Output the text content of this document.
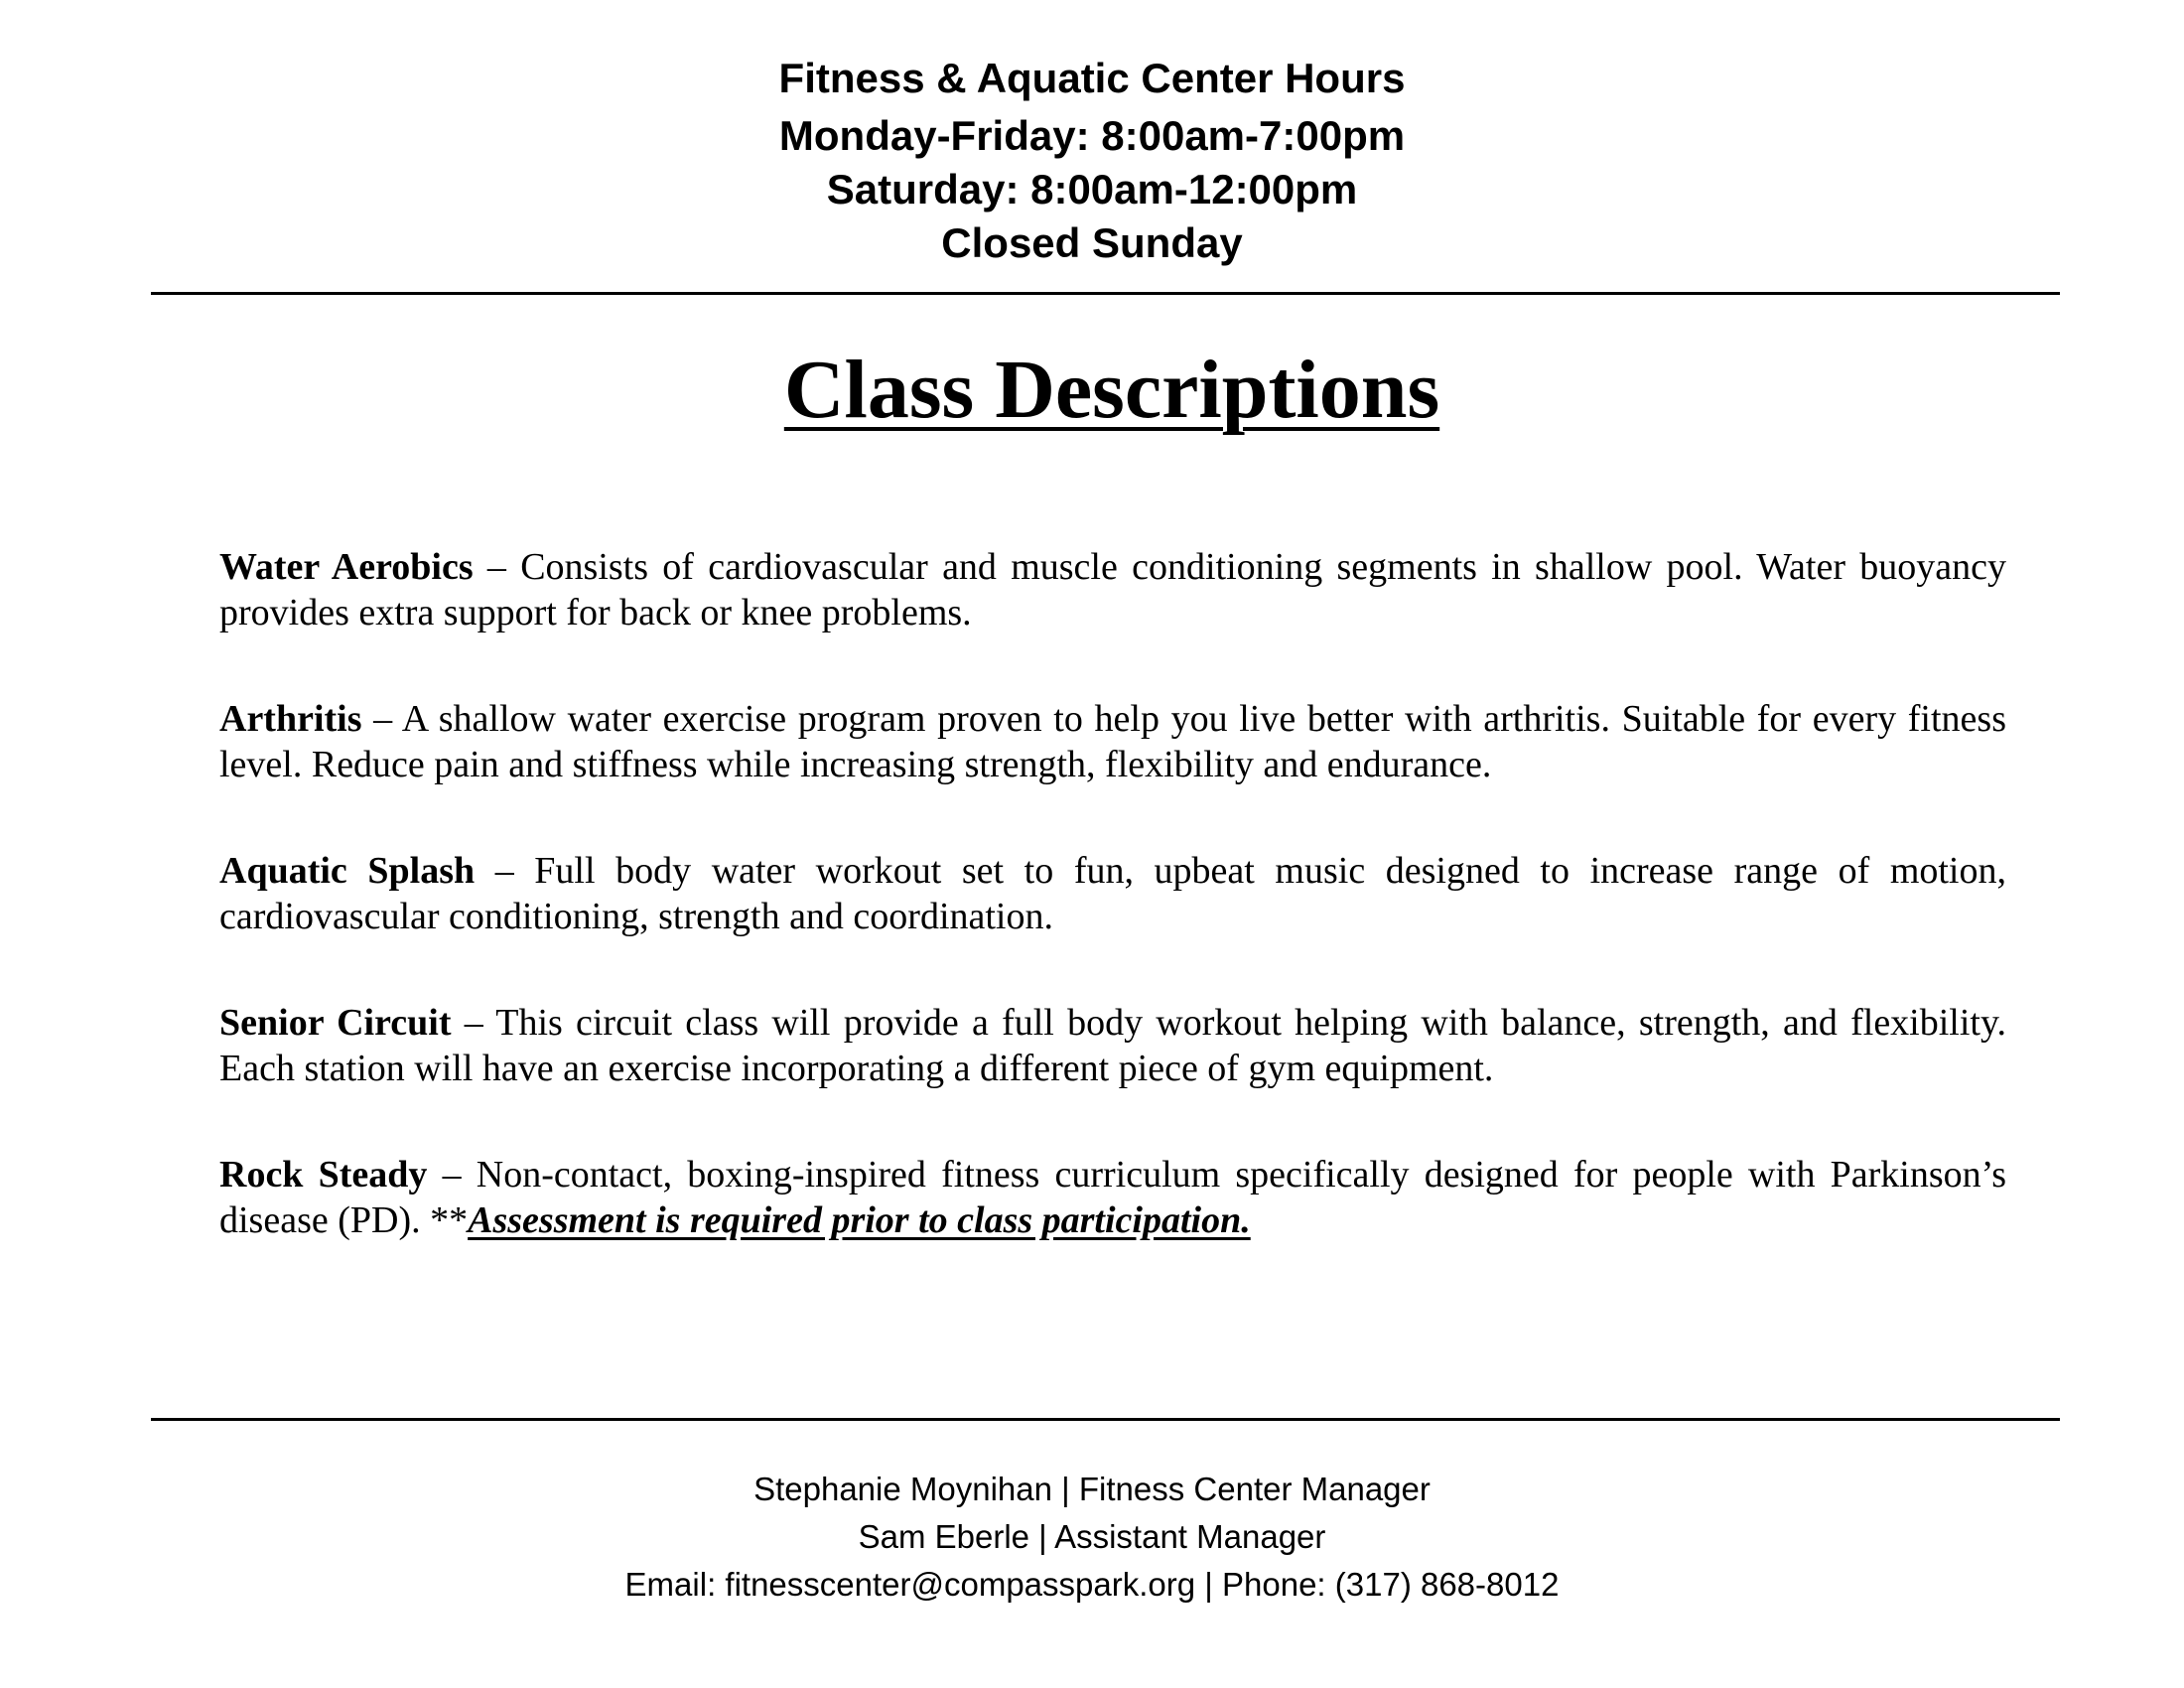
Fitness & Aquatic Center Hours
Monday-Friday: 8:00am-7:00pm
Saturday: 8:00am-12:00pm
Closed Sunday
Class Descriptions

Water Aerobics – Consists of cardiovascular and muscle conditioning segments in shallow pool. Water buoyancy provides extra support for back or knee problems.

Arthritis – A shallow water exercise program proven to help you live better with arthritis. Suitable for every fitness level. Reduce pain and stiffness while increasing strength, flexibility and endurance.

Aquatic Splash – Full body water workout set to fun, upbeat music designed to increase range of motion, cardiovascular conditioning, strength and coordination.

Senior Circuit – This circuit class will provide a full body workout helping with balance, strength, and flexibility. Each station will have an exercise incorporating a different piece of gym equipment.

Rock Steady – Non-contact, boxing-inspired fitness curriculum specifically designed for people with Parkinson’s disease (PD). **Assessment is required prior to class participation.

Stephanie Moynihan | Fitness Center Manager
Sam Eberle | Assistant Manager
Email: fitnesscenter@compasspark.org | Phone: (317) 868-8012
